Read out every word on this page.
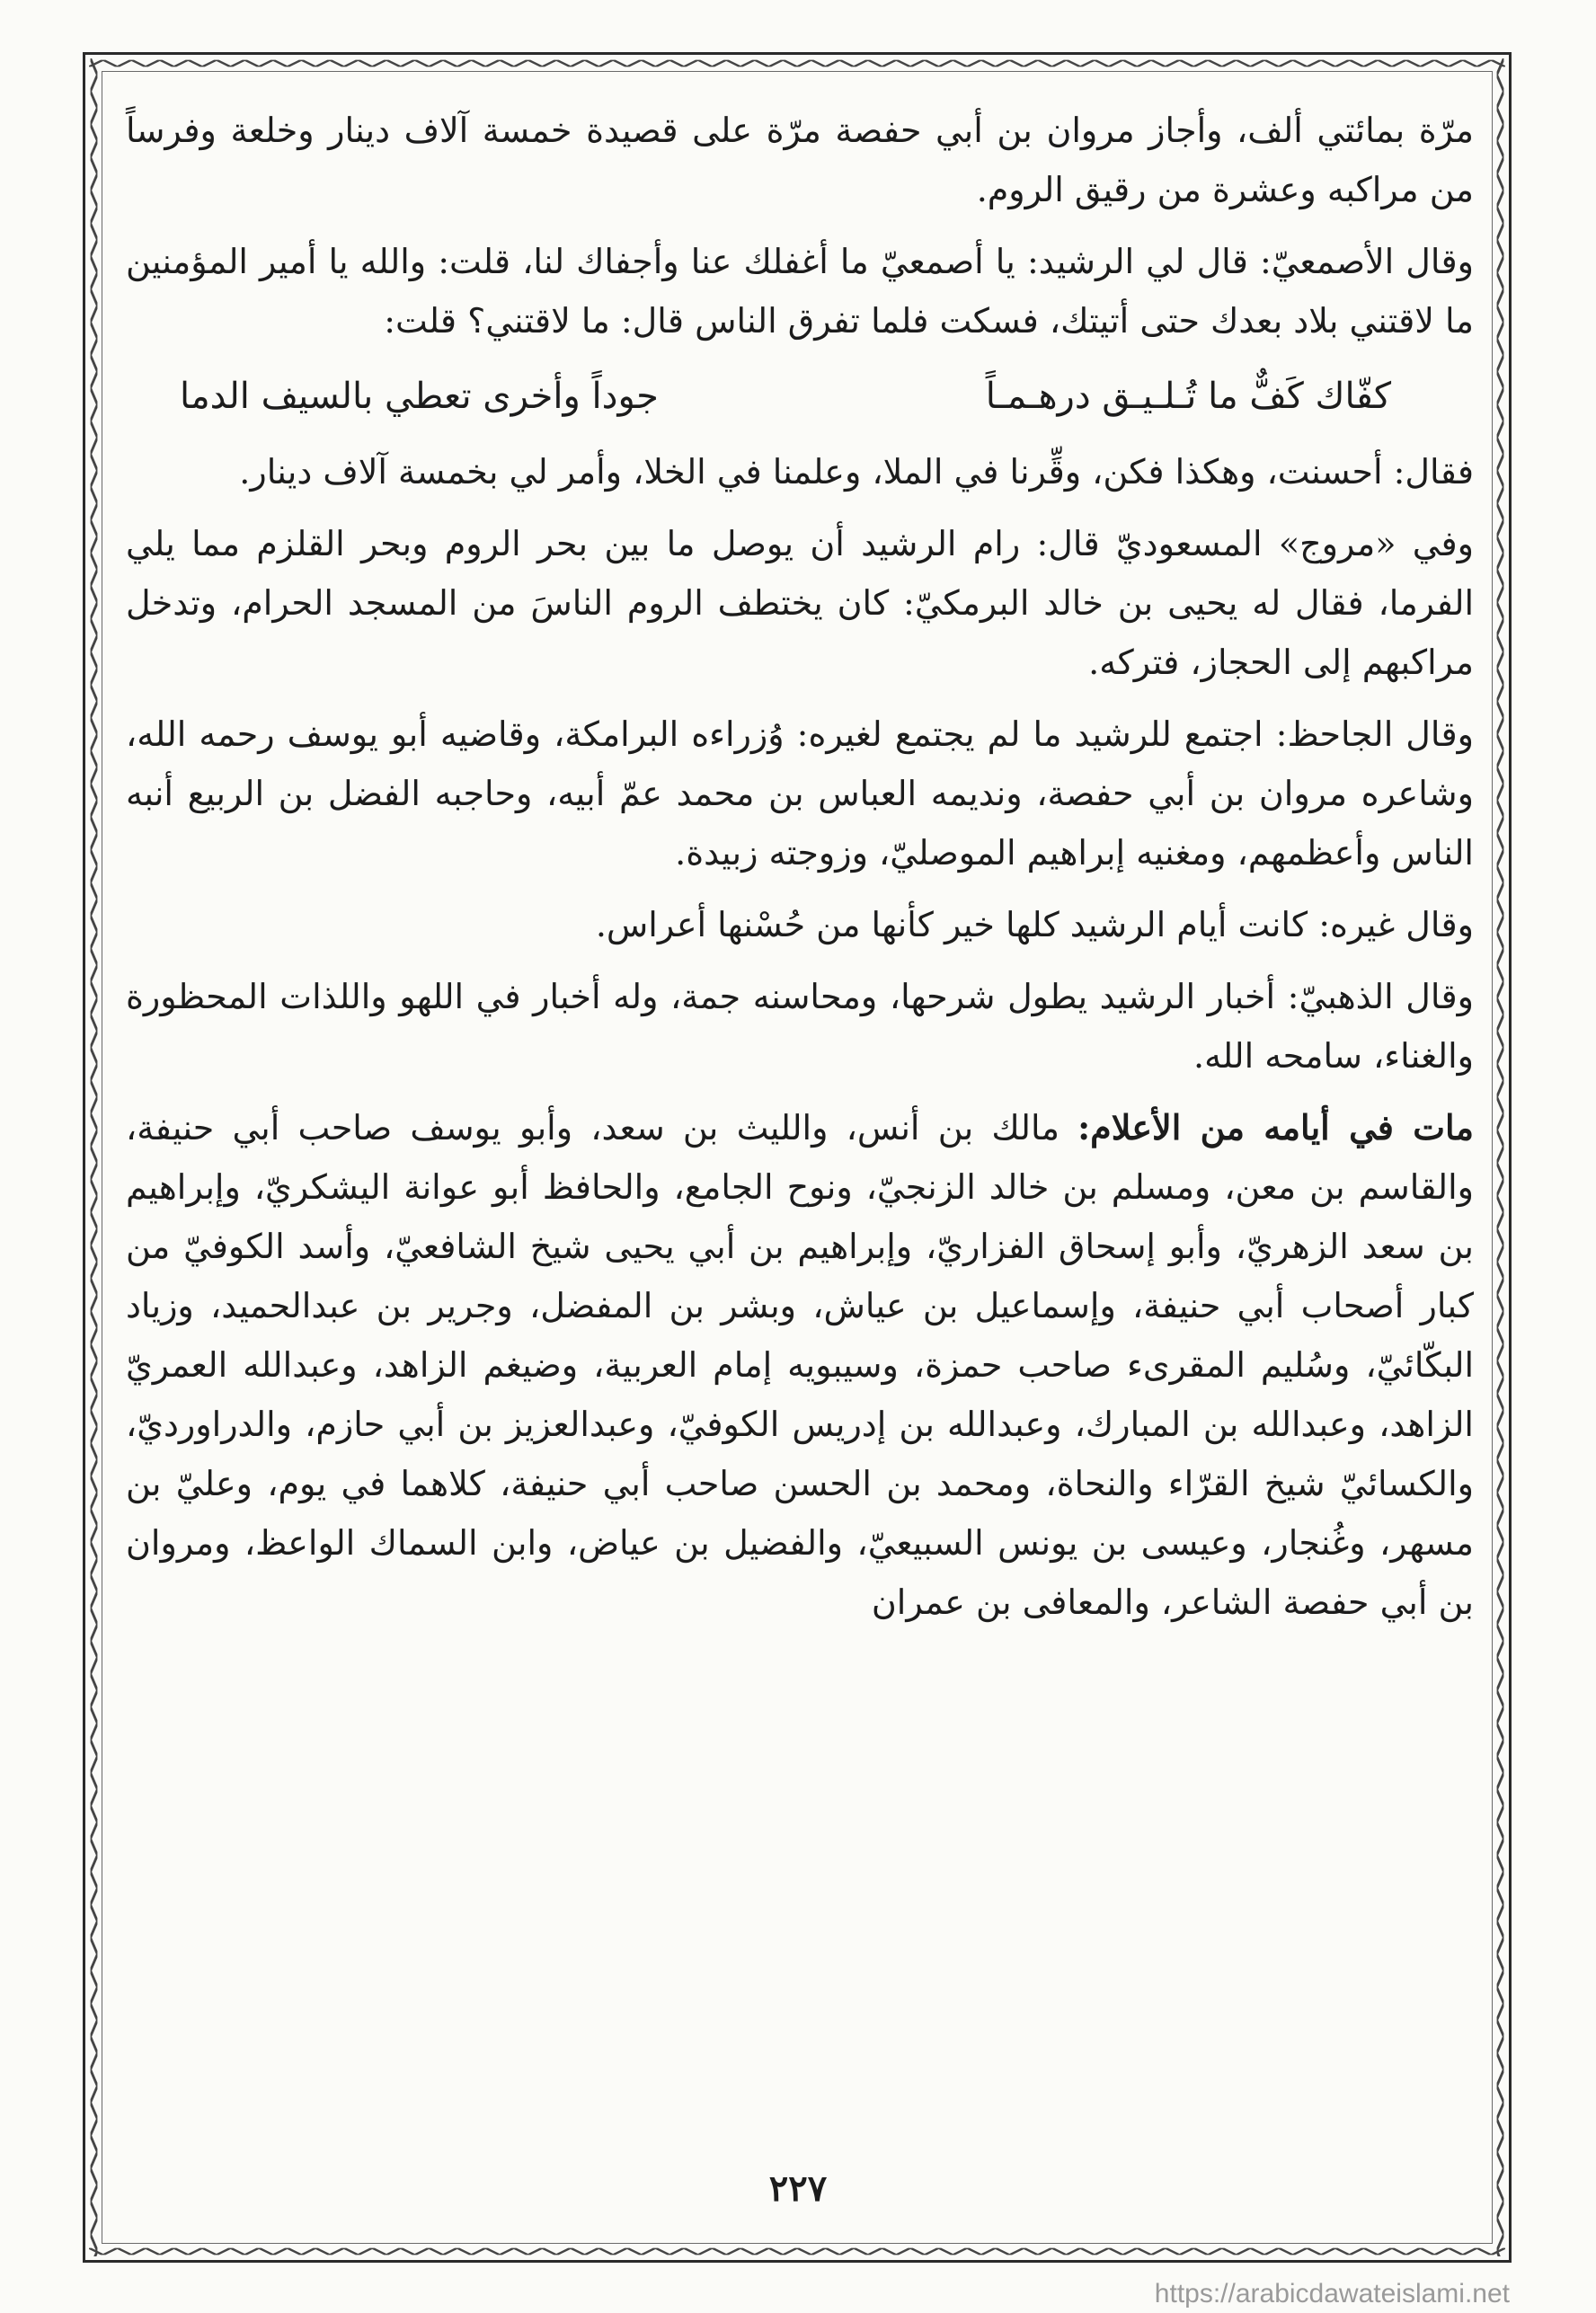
مرّة بمائتي ألف، وأجاز مروان بن أبي حفصة مرّة على قصيدة خمسة آلاف دينار وخلعة وفرساً من مراكبه وعشرة من رقيق الروم.

وقال الأصمعيّ: قال لي الرشيد: يا أصمعيّ ما أغفلك عنا وأجفاك لنا، قلت: والله يا أمير المؤمنين ما لاقتني بلاد بعدك حتى أتيتك، فسكت فلما تفرق الناس قال: ما لاقتني؟ قلت:

كفّاك كَفٌّ ما تُـلـيـق درهـمـاً
جوداً وأخرى تعطي بالسيف الدما

فقال: أحسنت، وهكذا فكن، وقِّرنا في الملا، وعلمنا في الخلا، وأمر لي بخمسة آلاف دينار.

وفي «مروج» المسعوديّ قال: رام الرشيد أن يوصل ما بين بحر الروم وبحر القلزم مما يلي الفرما، فقال له يحيى بن خالد البرمكيّ: كان يختطف الروم الناسَ من المسجد الحرام، وتدخل مراكبهم إلى الحجاز، فتركه.

وقال الجاحظ: اجتمع للرشيد ما لم يجتمع لغيره: وُزراءه البرامكة، وقاضيه أبو يوسف رحمه الله، وشاعره مروان بن أبي حفصة، ونديمه العباس بن محمد عمّ أبيه، وحاجبه الفضل بن الربيع أنبه الناس وأعظمهم، ومغنيه إبراهيم الموصليّ، وزوجته زبيدة.

وقال غيره: كانت أيام الرشيد كلها خير كأنها من حُسْنها أعراس.

وقال الذهبيّ: أخبار الرشيد يطول شرحها، ومحاسنه جمة، وله أخبار في اللهو واللذات المحظورة والغناء، سامحه الله.

مات في أيامه من الأعلام: مالك بن أنس، والليث بن سعد، وأبو يوسف صاحب أبي حنيفة، والقاسم بن معن، ومسلم بن خالد الزنجيّ، ونوح الجامع، والحافظ أبو عوانة اليشكريّ، وإبراهيم بن سعد الزهريّ، وأبو إسحاق الفزاريّ، وإبراهيم بن أبي يحيى شيخ الشافعيّ، وأسد الكوفيّ من كبار أصحاب أبي حنيفة، وإسماعيل بن عياش، وبشر بن المفضل، وجرير بن عبدالحميد، وزياد البكّائيّ، وسُليم المقرىء صاحب حمزة، وسيبويه إمام العربية، وضيغم الزاهد، وعبدالله العمريّ الزاهد، وعبدالله بن المبارك، وعبدالله بن إدريس الكوفيّ، وعبدالعزيز بن أبي حازم، والدراورديّ، والكسائيّ شيخ القرّاء والنحاة، ومحمد بن الحسن صاحب أبي حنيفة، كلاهما في يوم، وعليّ بن مسهر، وغُنجار، وعيسى بن يونس السبيعيّ، والفضيل بن عياض، وابن السماك الواعظ، ومروان بن أبي حفصة الشاعر، والمعافى بن عمران

٢٢٧
https://arabicdawateislami.net
